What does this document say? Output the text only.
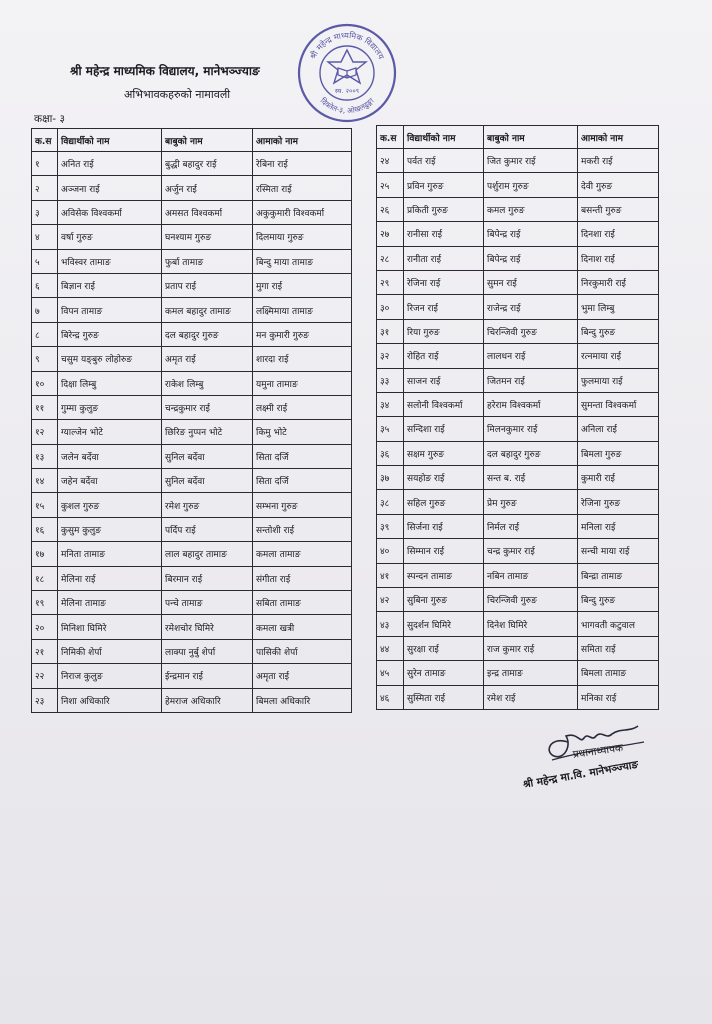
श्री महेन्द्र माध्यमिक विद्यालय, मानेभञ्ज्याङ
अभिभावकहरुको नामावली
कक्षा- ३
श्री महेन्द्र माध्यमिक विद्यालय
दिक्तेल-३, ओखलढुङ्गा
स्थ. २००९
क.स	विद्यार्थीको नाम	बाबुको नाम	आमाको नाम
१	अनित राई	बुद्धी बहादुर राई	रेबिना राई
२	अञ्जना राई	अर्जुन राई	रस्मिता राई
३	अविसेक विश्वकर्मा	अमसत विश्वकर्मा	अकुकुमारी विश्वकर्मा
४	वर्षा गुरुङ	घनश्याम गुरुङ	दिलमाया गुरुङ
५	भविस्वर तामाङ	फुर्बा तामाङ	बिन्दु माया तामाङ
६	बिज्ञान राई	प्रताप राई	मुगा राई
७	विपन तामाङ	कमल बहादुर तामाङ	लक्ष्मिमाया तामाङ
८	बिरेन्द्र गुरुङ	दल बहादुर गुरुङ	मन कुमारी गुरुङ
९	चसुम यङ्बुरु लोहोरुङ	अमृत राई	शारदा राई
१०	दिक्षा लिम्बु	राकेश लिम्बु	यमुना तामाङ
११	गुम्मा कुलुङ	चन्द्रकुमार राई	लक्ष्मी राई
१२	ग्याल्जेन भोटे	छिरिङ नुप्पन भोटे	किमु भोटे
१३	जलेन बर्देवा	सुनिल बर्देवा	सिता दर्जि
१४	जहेन बर्देवा	सुनिल बर्देवा	सिता दर्जि
१५	कुशल गुरुङ	रमेश गुरुङ	सम्भना गुरुङ
१६	कुसुम कुलुङ	पर्दिप राई	सन्तोशी राई
१७	मनिता तामाङ	लाल बहादुर तामाङ	कमला तामाङ
१८	मेलिना राई	बिरमान राई	संगीता राई
१९	मेलिना तामाङ	पन्चे तामाङ	सबिता तामाङ
२०	मिनिशा घिमिरे	रमेशचोर घिमिरे	कमला खत्री
२१	निमिकी शेर्पा	लाक्पा नुर्बु शेर्पा	पासिकी शेर्पा
२२	निराज कुलुङ	ईन्द्रमान राई	अमृता राई
२३	निशा अधिकारि	हेमराज अधिकारि	बिमला अधिकारि
क.स	विद्यार्थीको नाम	बाबुको नाम	आमाको नाम
२४	पर्वत राई	जित कुमार राई	मकरी राई
२५	प्रविन गुरुङ	पर्शुराम गुरुङ	देवी गुरुङ
२६	प्रकिती गुरुङ	कमल गुरुङ	बसन्ती गुरुङ
२७	रानीसा राई	बिपेन्द्र राई	दिनशा राई
२८	रानीता राई	बिपेन्द्र राई	दिनाश राई
२९	रेजिना राई	सुमन राई	निरकुमारी राई
३०	रिजन राई	राजेन्द्र राई	भुमा लिम्बु
३१	रिया गुरुङ	चिरन्जिवी गुरुङ	बिन्दु गुरुङ
३२	रोहित राई	लालधन राई	रत्नमाया राई
३३	साजन राई	जितमन राई	फुलमाया राई
३४	सलोनी विश्वकर्मा	हरेराम विश्वकर्मा	सुमन्ता विश्वकर्मा
३५	सन्दिशा राई	मिलनकुमार राई	अनिला राई
३६	सक्षम गुरुङ	दल बहादुर गुरुङ	बिमला गुरुङ
३७	सयहोङ राई	सन्त ब. राई	कुमारी राई
३८	सहिल गुरुङ	प्रेम गुरुङ	रेजिना गुरुङ
३९	सिर्जना राई	निर्मल राई	मनिला राई
४०	सिम्मान राई	चन्द्र कुमार राई	सन्ची माया राई
४१	स्पन्दन तामाङ	नबिन तामाङ	बिन्द्रा तामाङ
४२	सुबिना गुरुङ	चिरन्जिवी गुरुङ	बिन्दु गुरुङ
४३	सुदर्शन घिमिरे	दिनेश घिमिरे	भागवती कटुवाल
४४	सुरक्षा राई	राज कुमार राई	समिता राई
४५	सुरेन तामाङ	इन्द्र तामाङ	बिमला तामाङ
४६	सुस्मिता राई	रमेश राई	मनिका राई
प्रधानाध्यापक
श्री महेन्द्र मा.वि. मानेभञ्ज्याङ
